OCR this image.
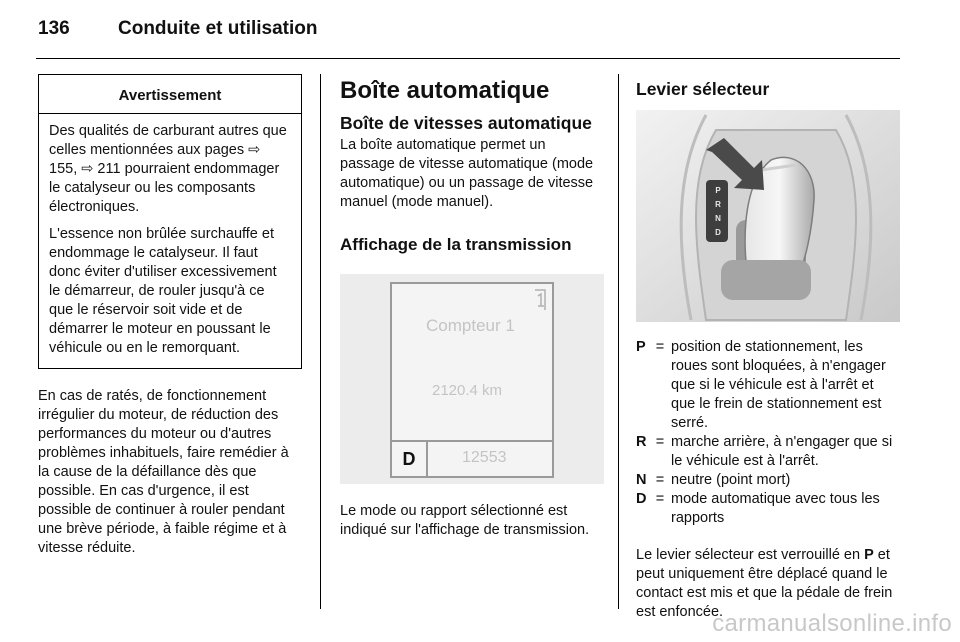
136	Conduite et utilisation
Avertissement

Des qualités de carburant autres que celles mentionnées aux pages ⇨ 155, ⇨ 211 pourraient endommager le catalyseur ou les composants électroniques.

L'essence non brûlée surchauffe et endommage le catalyseur. Il faut donc éviter d'utiliser excessivement le démarreur, de rouler jusqu'à ce que le réservoir soit vide et de démarrer le moteur en poussant le véhicule ou en le remorquant.

En cas de ratés, de fonctionnement irrégulier du moteur, de réduction des performances du moteur ou d'autres problèmes inhabituels, faire remédier à la cause de la défaillance dès que possible. En cas d'urgence, il est possible de continuer à rouler pendant une brève période, à faible régime et à vitesse réduite.

Boîte automatique
Boîte de vitesses automatique

La boîte automatique permet un passage de vitesse automatique (mode automatique) ou un passage de vitesse manuel (mode manuel).

Affichage de la transmission
Compteur 1
2120.4 km
D	12553

Le mode ou rapport sélectionné est indiqué sur l'affichage de transmission.

Levier sélecteur
P
R
N
D
P = position de stationnement, les roues sont bloquées, à n'engager que si le véhicule est à l'arrêt et que le frein de stationnement est serré.
R = marche arrière, à n'engager que si le véhicule est à l'arrêt.
N = neutre (point mort)
D = mode automatique avec tous les rapports

Le levier sélecteur est verrouillé en P et peut uniquement être déplacé quand le contact est mis et que la pédale de frein est enfoncée.

carmanualsonline.info
